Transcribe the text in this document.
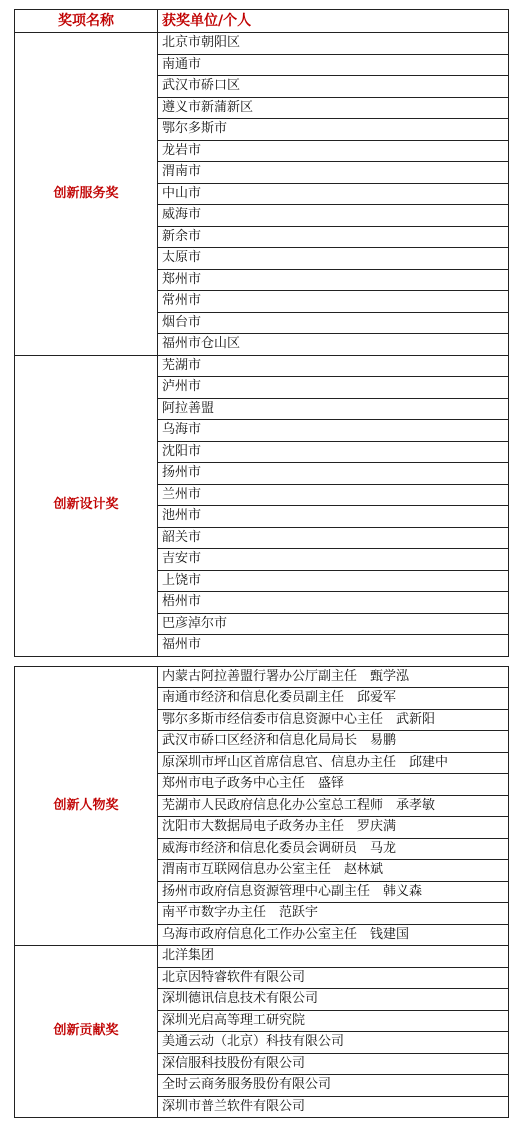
奖项名称	获奖单位/个人
创新服务奖	北京市朝阳区
	南通市
	武汉市硚口区
	遵义市新蒲新区
	鄂尔多斯市
	龙岩市
	渭南市
	中山市
	威海市
	新余市
	太原市
	郑州市
	常州市
	烟台市
	福州市仓山区
创新设计奖	芜湖市
	泸州市
	阿拉善盟
	乌海市
	沈阳市
	扬州市
	兰州市
	池州市
	韶关市
	吉安市
	上饶市
	梧州市
	巴彦淖尔市
	福州市
创新人物奖	内蒙古阿拉善盟行署办公厅副主任　甄学泓
	南通市经济和信息化委员副主任　邱爱军
	鄂尔多斯市经信委市信息资源中心主任　武新阳
	武汉市硚口区经济和信息化局局长　易鹏
	原深圳市坪山区首席信息官、信息办主任　邱建中
	郑州市电子政务中心主任　盛铎
	芜湖市人民政府信息化办公室总工程师　承孝敏
	沈阳市大数据局电子政务办主任　罗庆满
	威海市经济和信息化委员会调研员　马龙
	渭南市互联网信息办公室主任　赵林斌
	扬州市政府信息资源管理中心副主任　韩义森
	南平市数字办主任　范跃宇
	乌海市政府信息化工作办公室主任　钱建国
创新贡献奖	北洋集团
	北京因特睿软件有限公司
	深圳德讯信息技术有限公司
	深圳光启高等理工研究院
	美通云动（北京）科技有限公司
	深信服科技股份有限公司
	全时云商务服务股份有限公司
	深圳市普兰软件有限公司
